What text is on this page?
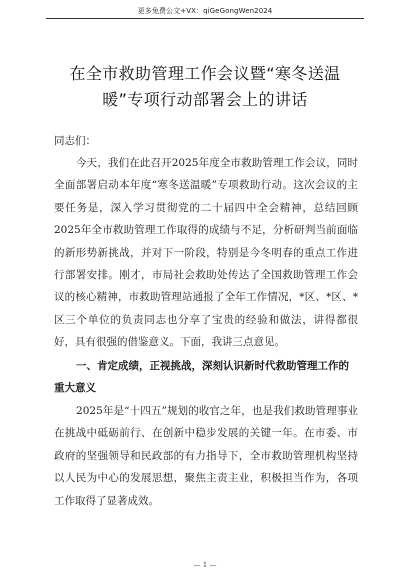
更多免费公文+VX：qiGeGongWen2024
在全市救助管理工作会议暨“寒冬送温暖”专项行动部署会上的讲话
同志们：

今天，我们在此召开2025年度全市救助管理工作会议，同时全面部署启动本年度“寒冬送温暖”专项救助行动。这次会议的主要任务是，深入学习贯彻党的二十届四中全会精神，总结回顾2025年全市救助管理工作取得的成绩与不足，分析研判当前面临的新形势新挑战，并对下一阶段，特别是今冬明春的重点工作进行部署安排。刚才，市局社会救助处传达了全国救助管理工作会议的核心精神，市救助管理站通报了全年工作情况，*区、*区、*区三个单位的负责同志也分享了宝贵的经验和做法，讲得都很好，具有很强的借鉴意义。下面，我讲三点意见。

一、肯定成绩，正视挑战，深刻认识新时代救助管理工作的重大意义

2025年是“十四五”规划的收官之年，也是我们救助管理事业在挑战中砥砺前行、在创新中稳步发展的关键一年。在市委、市政府的坚强领导和民政部的有力指导下，全市救助管理机构坚持以人民为中心的发展思想，聚焦主责主业，积极担当作为，各项工作取得了显著成效。

— 1 —
